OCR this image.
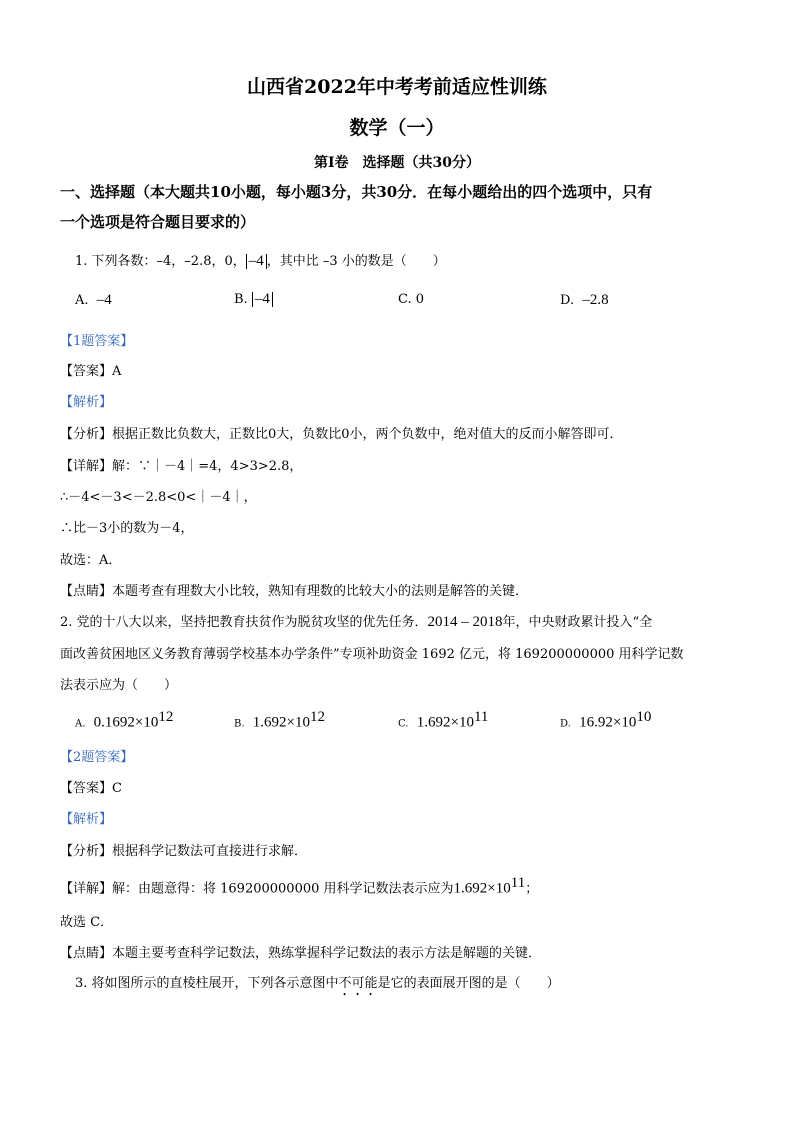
山西省2022年中考考前适应性训练
数学（一）
第I卷　选择题（共30分）
一、选择题（本大题共10小题，每小题3分，共30分．在每小题给出的四个选项中，只有
一个选项是符合题目要求的）
1. 下列各数：–4，–2.8，0， –4 ，其中比 –3 小的数是（　　）
A. –4	B. –4	C. 0	D. –2.8
【1题答案】
【答案】A
【解析】
【分析】根据正数比负数大，正数比0大，负数比0小，两个负数中，绝对值大的反而小解答即可．
【详解】解：∵｜－4｜=4，4>3>2.8，
∴－4<－3<－2.8<0<｜－4｜，
∴比－3小的数为－4，
故选：A．
【点睛】本题考查有理数大小比较，熟知有理数的比较大小的法则是解答的关键．
2. 党的十八大以来，坚持把教育扶贫作为脱贫攻坚的优先任务．2014 – 2018年，中央财政累计投入“全
面改善贫困地区义务教育薄弱学校基本办学条件”专项补助资金 1692 亿元，将 169200000000 用科学记数
法表示应为（　　）
A. $0.1692\times 10^{12}$	B. $1.692\times 10^{12}$	C. $1.692\times 10^{11}$	D. $16.92\times 10^{10}$
【2题答案】
【答案】C
【解析】
【分析】根据科学记数法可直接进行求解．
【详解】解：由题意得：将 169200000000 用科学记数法表示应为$1.692\times 10^{11}$；
故选 C．
【点睛】本题主要考查科学记数法，熟练掌握科学记数法的表示方法是解题的关键．
3. 将如图所示的直棱柱展开，下列各示意图中不可能是它的表面展开图的是（　　）
